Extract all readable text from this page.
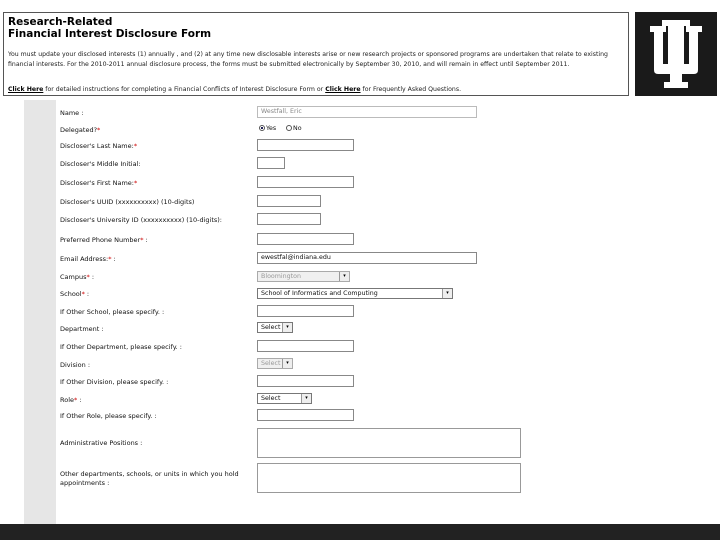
Research-Related
Financial Interest Disclosure Form
You must update your disclosed interests (1) annually , and (2) at any time new disclosable interests arise or new research projects or sponsored programs are undertaken that relate to existing financial interests. For the 2010-2011 annual disclosure process, the forms must be submitted electronically by September 30, 2010, and will remain in effect until September 2011.
Click Here for detailed instructions for completing a Financial Conflicts of Interest Disclosure Form or Click Here for Frequently Asked Questions.
Name :	Westfall, Eric
Delegated?*	Yes	No
Discloser's Last Name:*
Discloser's Middle Initial:
Discloser's First Name:*
Discloser's UUID (xxxxxxxxxx) (10-digits)
Discloser's University ID (xxxxxxxxxx) (10-digits):
Preferred Phone Number* :
Email Address:* :	ewestfal@indiana.edu
Campus* :	Bloomington	▾
School* :	School of Informatics and Computing	▾
If Other School, please specify. :
Department :	Select	▾
If Other Department, please specify. :
Division :	Select	▾
If Other Division, please specify. :
Role* :	Select	▾
If Other Role, please specify. :
Administrative Positions :
Other departments, schools, or units in which you hold
appointments :
